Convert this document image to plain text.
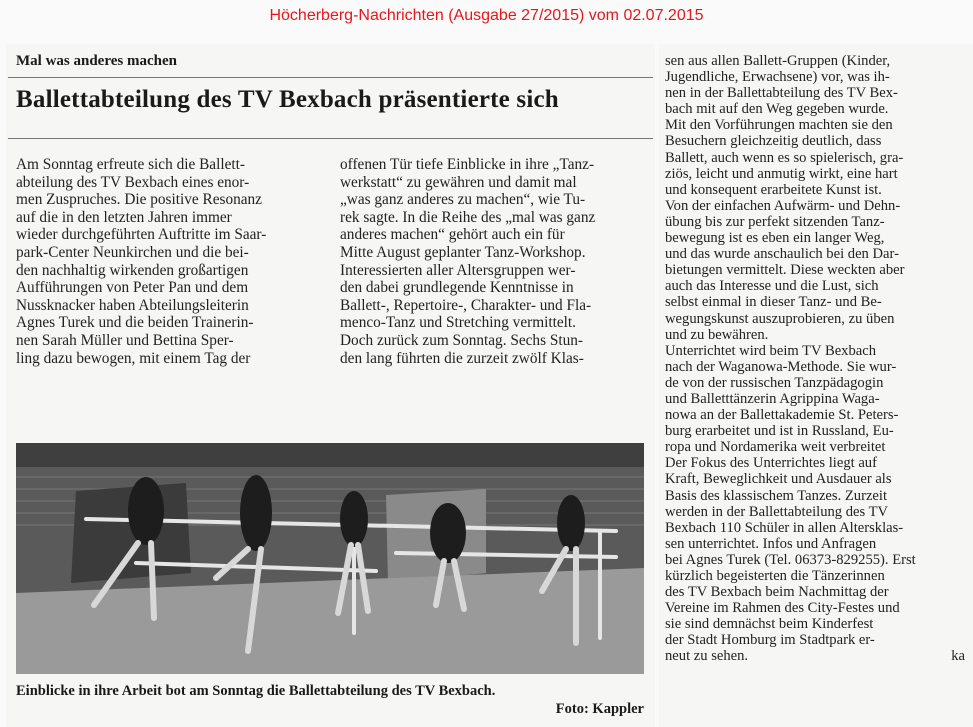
Höcherberg-Nachrichten (Ausgabe 27/2015) vom 02.07.2015
Mal was anderes machen
Ballettabteilung des TV Bexbach präsentierte sich

Am Sonntag erfreute sich die Ballett-
abteilung des TV Bexbach eines enor-
men Zuspruches. Die positive Resonanz
auf die in den letzten Jahren immer
wieder durchgeführten Auftritte im Saar-
park-Center Neunkirchen und die bei-
den nachhaltig wirkenden großartigen
Aufführungen von Peter Pan und dem
Nussknacker haben Abteilungsleiterin
Agnes Turek und die beiden Trainerin-
nen Sarah Müller und Bettina Sper-
ling dazu bewogen, mit einem Tag der

offenen Tür tiefe Einblicke in ihre „Tanz-
werkstatt“ zu gewähren und damit mal
„was ganz anderes zu machen“, wie Tu-
rek sagte. In die Reihe des „mal was ganz
anderes machen“ gehört auch ein für
Mitte August geplanter Tanz-Workshop.
Interessierten aller Altersgruppen wer-
den dabei grundlegende Kenntnisse in
Ballett-, Repertoire-, Charakter- und Fla-
menco-Tanz und Stretching vermittelt.
Doch zurück zum Sonntag. Sechs Stun-
den lang führten die zurzeit zwölf Klas-

sen aus allen Ballett-Gruppen (Kinder,
Jugendliche, Erwachsene) vor, was ih-
nen in der Ballettabteilung des TV Bex-
bach mit auf den Weg gegeben wurde.
Mit den Vorführungen machten sie den
Besuchern gleichzeitig deutlich, dass
Ballett, auch wenn es so spielerisch, gra-
ziös, leicht und anmutig wirkt, eine hart
und konsequent erarbeitete Kunst ist.
Von der einfachen Aufwärm- und Dehn-
übung bis zur perfekt sitzenden Tanz-
bewegung ist es eben ein langer Weg,
und das wurde anschaulich bei den Dar-
bietungen vermittelt. Diese weckten aber
auch das Interesse und die Lust, sich
selbst einmal in dieser Tanz- und Be-
wegungskunst auszuprobieren, zu üben
und zu bewähren.
Unterrichtet wird beim TV Bexbach
nach der Waganowa-Methode. Sie wur-
de von der russischen Tanzpädagogin
und Balletttänzerin Agrippina Waga-
nowa an der Ballettakademie St. Peters-
burg erarbeitet und ist in Russland, Eu-
ropa und Nordamerika weit verbreitet
Der Fokus des Unterrichtes liegt auf
Kraft, Beweglichkeit und Ausdauer als
Basis des klassischem Tanzes. Zurzeit
werden in der Ballettabteilung des TV
Bexbach 110 Schüler in allen Altersklas-
sen unterrichtet. Infos und Anfragen
bei Agnes Turek (Tel. 06373-829255). Erst
kürzlich begeisterten die Tänzerinnen
des TV Bexbach beim Nachmittag der
Vereine im Rahmen des City-Festes und
sie sind demnächst beim Kinderfest
der Stadt Homburg im Stadtpark er-
neut zu sehen.	ka
Einblicke in ihre Arbeit bot am Sonntag die Ballettabteilung des TV Bexbach.
Foto: Kappler
